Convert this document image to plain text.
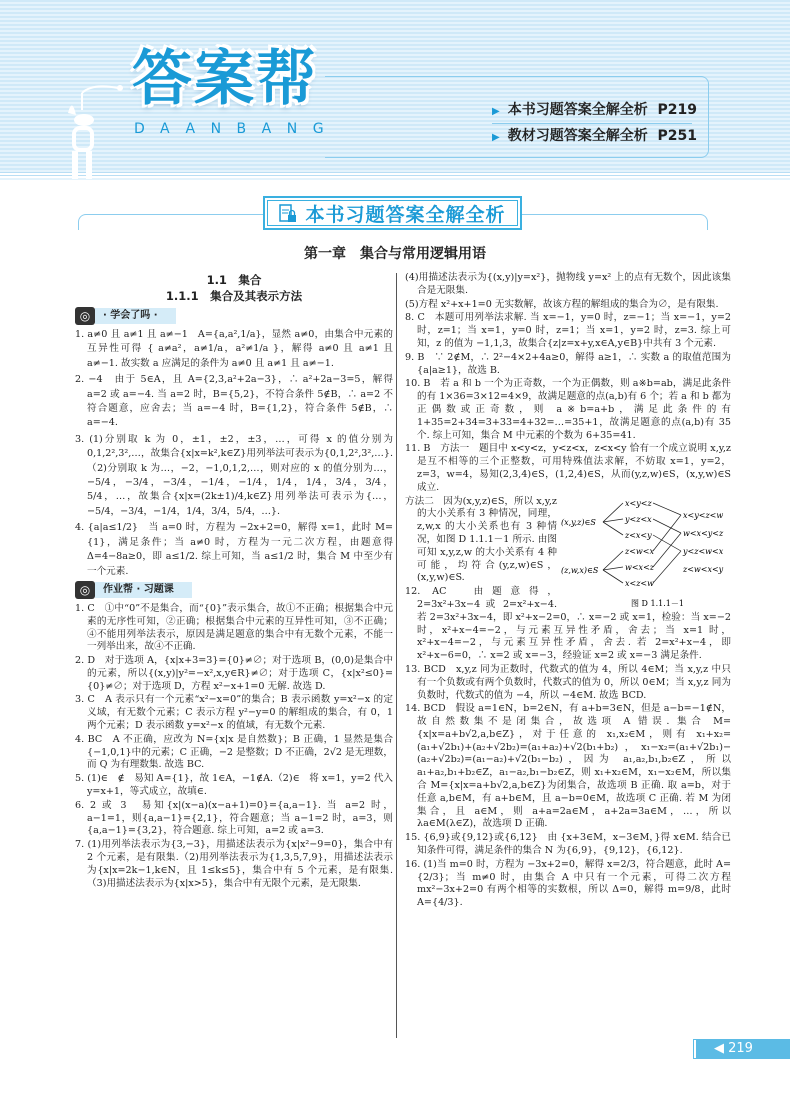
答案帮
DAANBANG
▶ 本书习题答案全解全析 P219
▶ 教材习题答案全解全析 P251
本书习题答案全解全析
第一章　集合与常用逻辑用语
1.1　集合
1.1.1　集合及其表示方法
◎	· 学会了吗 ·
1. a≠0 且 a≠1 且 a≠−1　A={a,a²,1/a}，显然 a≠0，由集合中元素的互异性可得 { a≠a²，a≠1/a，a²≠1/a }，解得 a≠0 且 a≠1 且 a≠−1. 故实数 a 应满足的条件为 a≠0 且 a≠1 且 a≠−1.
2. −4　由于 5∈A，且 A={2,3,a²+2a−3}，∴ a²+2a−3=5，解得 a=2 或 a=−4. 当 a=2 时，B={5,2}，不符合条件 5∉B，∴ a=2 不符合题意，应舍去；当 a=−4 时，B={1,2}，符合条件 5∉B，∴ a=−4.
3. (1)分别取 k 为 0，±1，±2，±3，…，可得 x 的值分别为 0,1,2²,3²,…，故集合{x|x=k²,k∈Z}用列举法可表示为{0,1,2²,3²,…}.（2)分别取 k 为…，−2，−1,0,1,2,…，则对应的 x 的值分别为…，−5/4，−3/4，−3/4，−1/4，−1/4，1/4，1/4，3/4，3/4，5/4，…，故集合{x|x=(2k±1)/4,k∈Z}用列举法可表示为{…，−5/4，−3/4，−1/4，1/4，3/4，5/4，…}.
4. {a|a≤1/2}　当 a=0 时，方程为 −2x+2=0，解得 x=1，此时 M={1}，满足条件；当 a≠0 时，方程为一元二次方程，由题意得 Δ=4−8a≥0，即 a≤1/2. 综上可知，当 a≤1/2 时，集合 M 中至少有一个元素.
◎	作业帮 · 习题课
1. C　①中“0”不是集合，而“{0}”表示集合，故①不正确；根据集合中元素的无序性可知，②正确；根据集合中元素的互异性可知，③不正确；④不能用列举法表示，原因是满足题意的集合中有无数个元素，不能一一列举出来，故④不正确.
2. D　对于选项 A，{x|x+3=3}={0}≠∅；对于选项 B，(0,0)是集合中的元素，所以{(x,y)|y²=−x²,x,y∈R}≠∅；对于选项 C，{x|x²≤0}={0}≠∅；对于选项 D，方程 x²−x+1=0 无解. 故选 D.
3. C　A 表示只有一个元素“x²−x=0”的集合；B 表示函数 y=x²−x 的定义域，有无数个元素；C 表示方程 y²−y=0 的解组成的集合，有 0，1 两个元素；D 表示函数 y=x²−x 的值域，有无数个元素.
4. BC　A 不正确，应改为 N={x|x 是自然数}；B 正确，1 显然是集合{−1,0,1}中的元素；C 正确，−2 是整数；D 不正确，2√2 是无理数，而 Q 为有理数集. 故选 BC.
5. (1)∈　∉　易知 A={1}，故 1∈A，−1∉A.（2)∈　将 x=1，y=2 代入 y=x+1，等式成立，故填∈.
6. 2 或 3　易知{x|(x−a)(x−a+1)=0}={a,a−1}. 当 a=2 时，a−1=1，则{a,a−1}={2,1}，符合题意；当 a−1=2 时，a=3，则{a,a−1}={3,2}，符合题意. 综上可知，a=2 或 a=3.
7. (1)用列举法表示为{3,−3}，用描述法表示为{x|x²−9=0}，集合中有 2 个元素，是有限集.（2)用列举法表示为{1,3,5,7,9}，用描述法表示为{x|x=2k−1,k∈N，且 1≤k≤5}，集合中有 5 个元素，是有限集.（3)用描述法表示为{x|x>5}，集合中有无限个元素，是无限集.
(4)用描述法表示为{(x,y)|y=x²}，抛物线 y=x² 上的点有无数个，因此该集合是无限集.
(5)方程 x²+x+1=0 无实数解，故该方程的解组成的集合为∅，是有限集.
8. C　本题可用列举法求解. 当 x=−1，y=0 时，z=−1；当 x=−1，y=2 时，z=1；当 x=1，y=0 时，z=1；当 x=1，y=2 时，z=3. 综上可知，z 的值为 −1,1,3，故集合{z|z=x+y,x∈A,y∈B}中共有 3 个元素.
9. B　∵ 2∉M，∴ 2²−4×2+4a≥0，解得 a≥1，∴ 实数 a 的取值范围为{a|a≥1}，故选 B.
10. B　若 a 和 b 一个为正奇数，一个为正偶数，则 a※b=ab，满足此条件的有 1×36=3×12=4×9，故满足题意的点(a,b)有 6 个；若 a 和 b 都为正偶数或正奇数，则 a※b=a+b，满足此条件的有 1+35=2+34=3+33=4+32=…=35+1，故满足题意的点(a,b)有 35 个. 综上可知，集合 M 中元素的个数为 6+35=41.
11. B　方法一　题目中 x<y<z，y<z<x，z<x<y 恰有一个成立说明 x,y,z 是互不相等的三个正整数，可用特殊值法求解，不妨取 x=1，y=2，z=3，w=4，易知(2,3,4)∈S，(1,2,4)∈S，从而(y,z,w)∈S，(x,y,w)∈S 成立.
(x,y,z)∈S
(z,w,x)∈S
x<y<z
y<z<x
z<x<y
z<w<x
w<x<z
x<z<w
x<y<z<w
w<x<y<z
y<z<w<x
z<w<x<y
图 D 1.1.1－1
方法二　因为(x,y,z)∈S，所以 x,y,z 的大小关系有 3 种情况，同理，z,w,x 的大小关系也有 3 种情况，如图 D 1.1.1－1 所示. 由图可知 x,y,z,w 的大小关系有 4 种可能，均符合(y,z,w)∈S，(x,y,w)∈S.
12. AC　由题意得，2=3x²+3x−4 或 2=x²+x−4. 若 2=3x²+3x−4，即 x²+x−2=0，∴ x=−2 或 x=1，检验：当 x=−2 时，x²+x−4=−2，与元素互异性矛盾，舍去；当 x=1 时，x²+x−4=−2，与元素互异性矛盾，舍去. 若 2=x²+x−4，即 x²+x−6=0，∴ x=2 或 x=−3，经验证 x=2 或 x=−3 满足条件.
13. BCD　x,y,z 同为正数时，代数式的值为 4，所以 4∈M；当 x,y,z 中只有一个负数或有两个负数时，代数式的值为 0，所以 0∈M；当 x,y,z 同为负数时，代数式的值为 −4，所以 −4∈M. 故选 BCD.
14. BCD　假设 a=1∈N，b=2∈N，有 a+b=3∈N，但是 a−b=−1∉N，故自然数集不是闭集合，故选项 A 错误. 集合 M={x|x=a+b√2,a,b∈Z}，对于任意的 x₁,x₂∈M，则有 x₁+x₂=(a₁+√2b₁)+(a₂+√2b₂)=(a₁+a₂)+√2(b₁+b₂)，x₁−x₂=(a₁+√2b₁)−(a₂+√2b₂)=(a₁−a₂)+√2(b₁−b₂)，因为 a₁,a₂,b₁,b₂∈Z，所以 a₁+a₂,b₁+b₂∈Z，a₁−a₂,b₁−b₂∈Z，则 x₁+x₂∈M，x₁−x₂∈M，所以集合 M={x|x=a+b√2,a,b∈Z}为闭集合，故选项 B 正确. 取 a=b，对于任意 a,b∈M，有 a+b∈M，且 a−b=0∈M，故选项 C 正确. 若 M 为闭集合，且 a∈M，则 a+a=2a∈M，a+2a=3a∈M，…，所以 λa∈M(λ∈Z)，故选项 D 正确.
15. {6,9}或{9,12}或{6,12}　由 {x+3∈M，x−3∈M，}得 x∈M. 结合已知条件可得，满足条件的集合 N 为{6,9}，{9,12}，{6,12}.
16. (1)当 m=0 时，方程为 −3x+2=0，解得 x=2/3，符合题意，此时 A={2/3}；当 m≠0 时，由集合 A 中只有一个元素，可得二次方程 mx²−3x+2=0 有两个相等的实数根，所以 Δ=0，解得 m=9/8，此时 A={4/3}.
◀ 219
